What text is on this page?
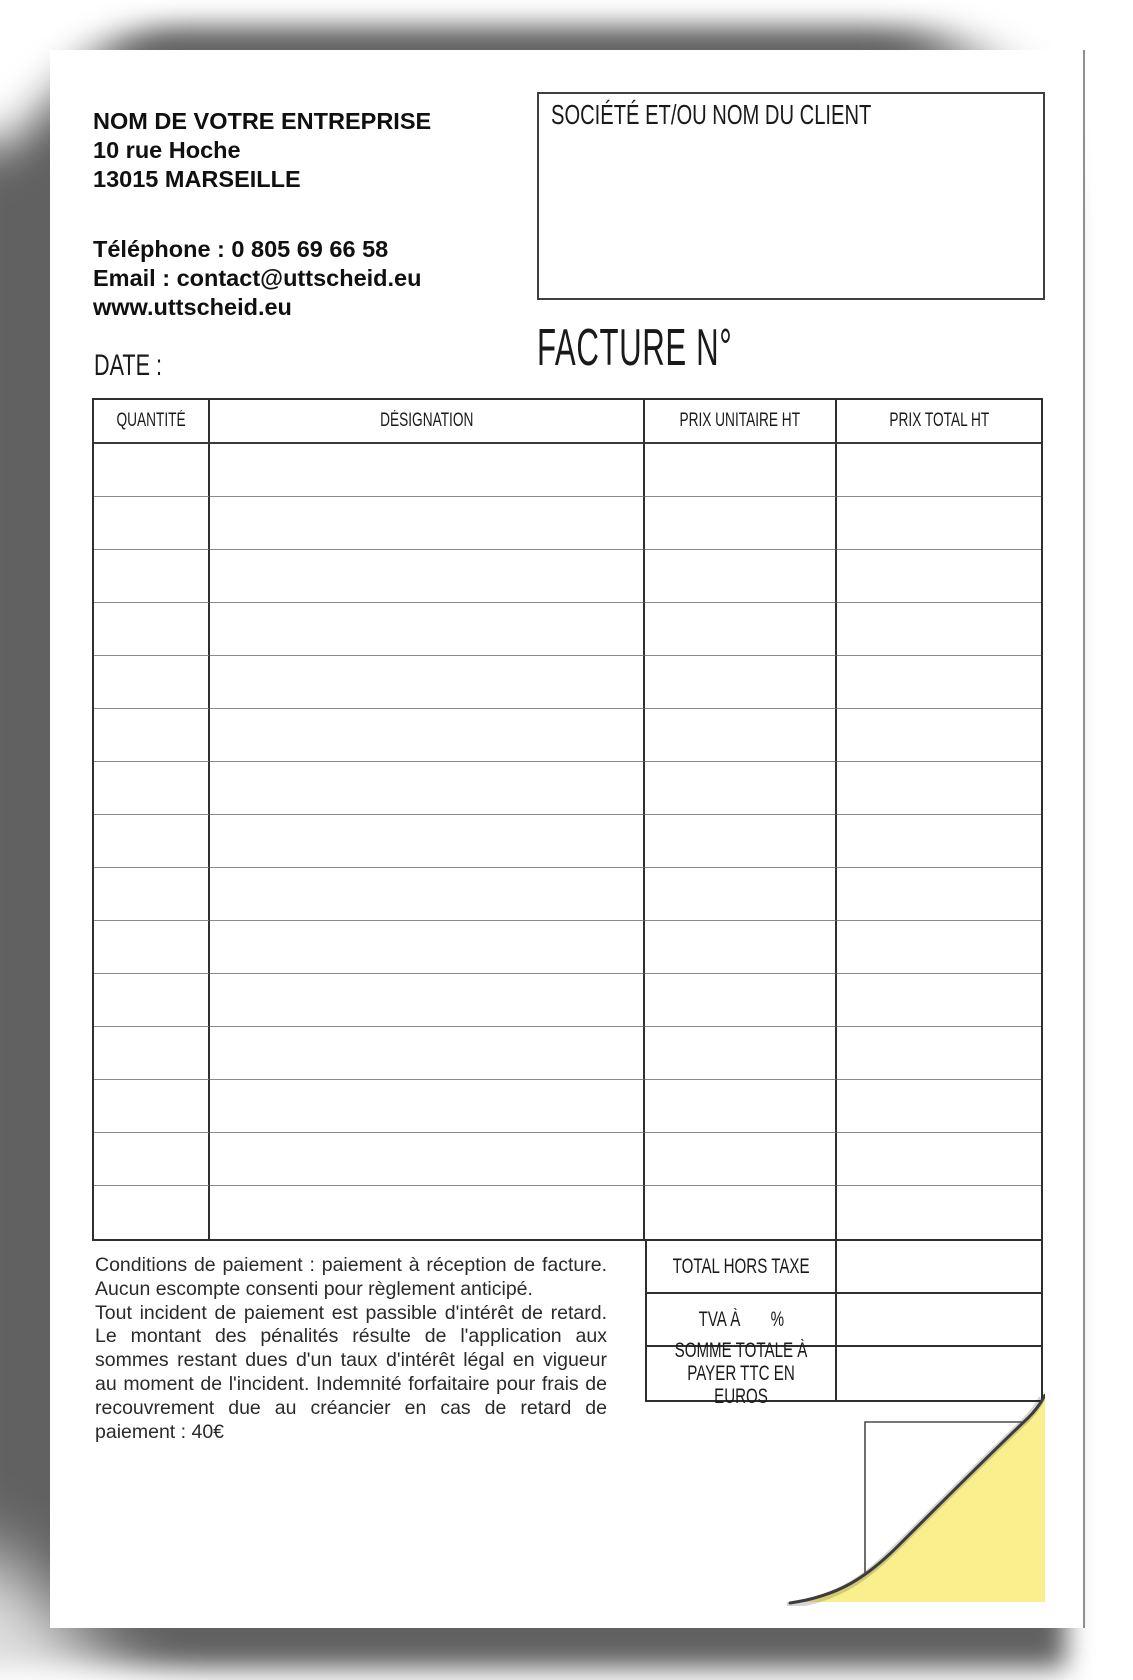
NOM DE VOTRE ENTREPRISE
10 rue Hoche
13015 MARSEILLE
Téléphone : 0 805 69 66 58
Email : contact@uttscheid.eu
www.uttscheid.eu
SOCIÉTÉ ET/OU NOM DU CLIENT
DATE :	FACTURE N°
QUANTITÉ	DÉSIGNATION	PRIX UNITAIRE HT	PRIX TOTAL HT
TOTAL HORS TAXE
TVA À %
SOMME TOTALE À PAYER TTC EN EUROS

Conditions de paiement : paiement à réception de facture. Aucun escompte consenti pour règlement anticipé.

Tout incident de paiement est passible d'intérêt de retard. Le montant des pénalités résulte de l'application aux sommes restant dues d'un taux d'intérêt légal en vigueur au moment de l'incident. Indemnité forfaitaire pour frais de recouvrement due au créancier en cas de retard de paiement : 40€
